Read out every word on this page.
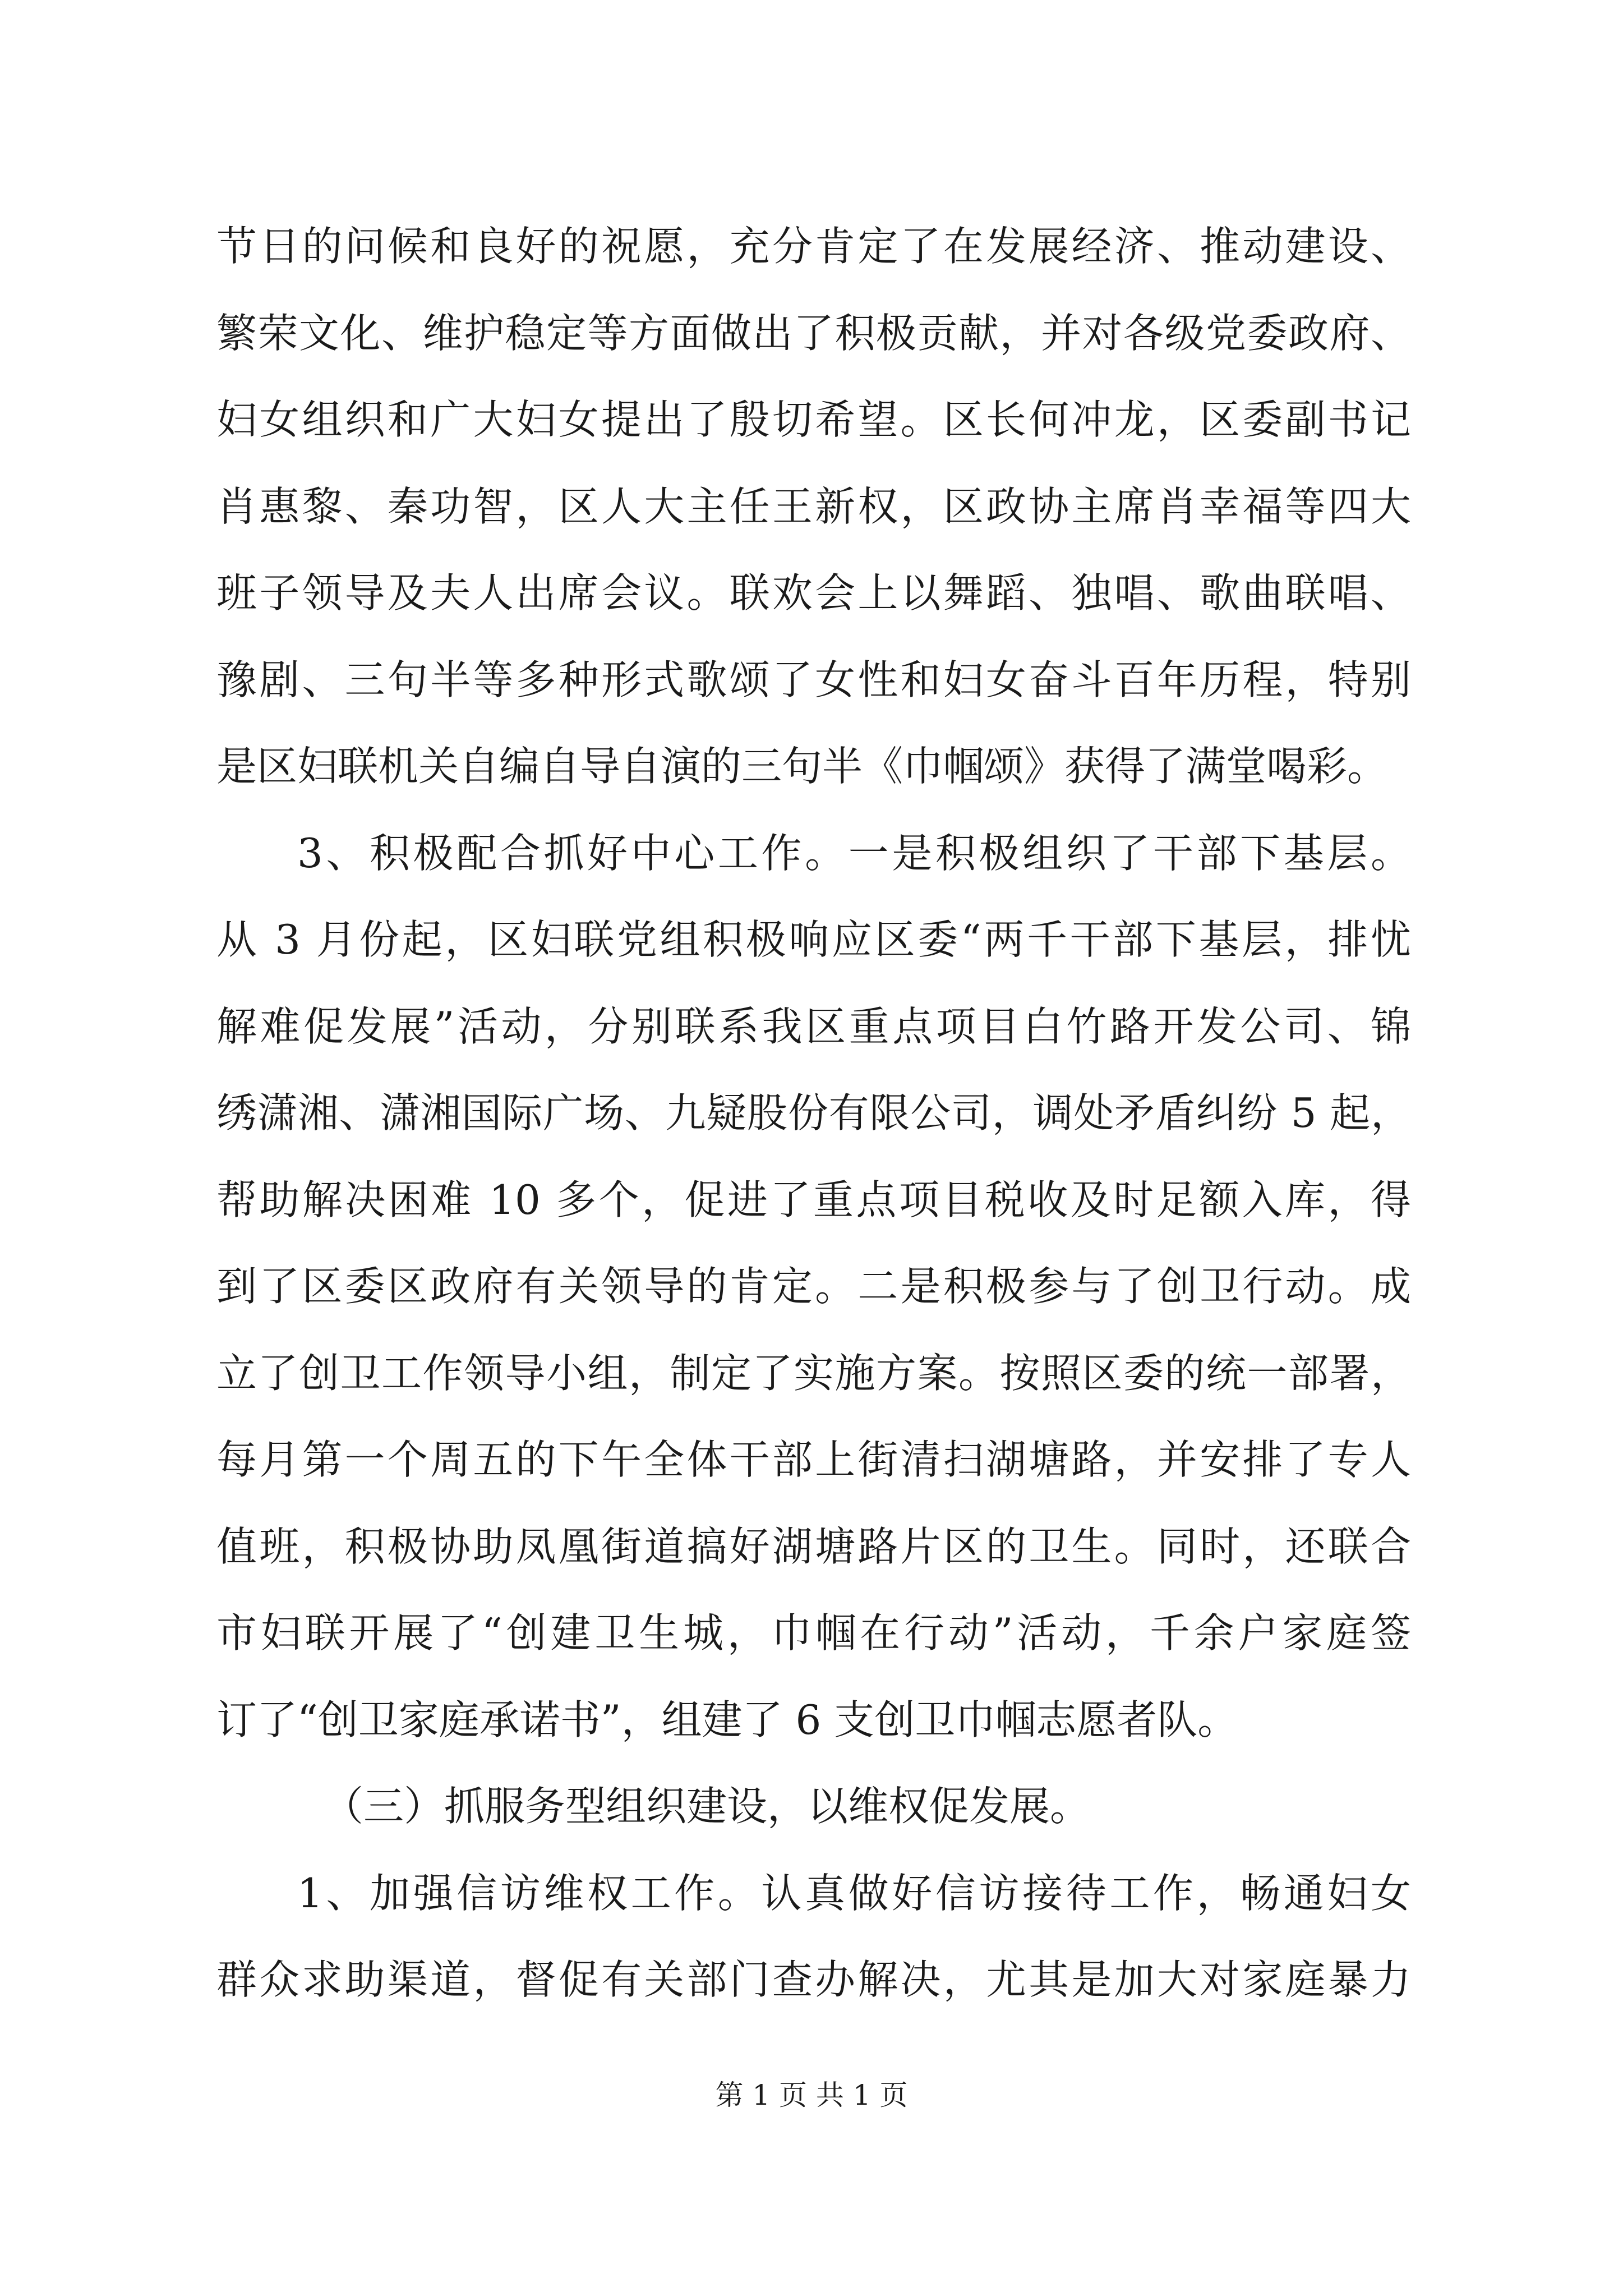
节日的问候和良好的祝愿，充分肯定了在发展经济、推动建设、
繁荣文化、维护稳定等方面做出了积极贡献，并对各级党委政府、
妇女组织和广大妇女提出了殷切希望。区长何冲龙，区委副书记
肖惠黎、秦功智，区人大主任王新权，区政协主席肖幸福等四大
班子领导及夫人出席会议。联欢会上以舞蹈、独唱、歌曲联唱、
豫剧、三句半等多种形式歌颂了女性和妇女奋斗百年历程，特别
是区妇联机关自编自导自演的三句半《巾帼颂》获得了满堂喝彩。
3、积极配合抓好中心工作。一是积极组织了干部下基层。
从 3 月份起，区妇联党组积极响应区委“两千干部下基层，排忧
解难促发展”活动，分别联系我区重点项目白竹路开发公司、锦
绣潇湘、潇湘国际广场、九疑股份有限公司，调处矛盾纠纷 5 起，
帮助解决困难 10 多个，促进了重点项目税收及时足额入库，得
到了区委区政府有关领导的肯定。二是积极参与了创卫行动。成
立了创卫工作领导小组，制定了实施方案。按照区委的统一部署，
每月第一个周五的下午全体干部上街清扫湖塘路，并安排了专人
值班，积极协助凤凰街道搞好湖塘路片区的卫生。同时，还联合
市妇联开展了“创建卫生城，巾帼在行动”活动，千余户家庭签
订了“创卫家庭承诺书”，组建了 6 支创卫巾帼志愿者队。
（三）抓服务型组织建设，以维权促发展。
1、加强信访维权工作。认真做好信访接待工作，畅通妇女
群众求助渠道，督促有关部门查办解决，尤其是加大对家庭暴力
第 1 页 共 1 页
